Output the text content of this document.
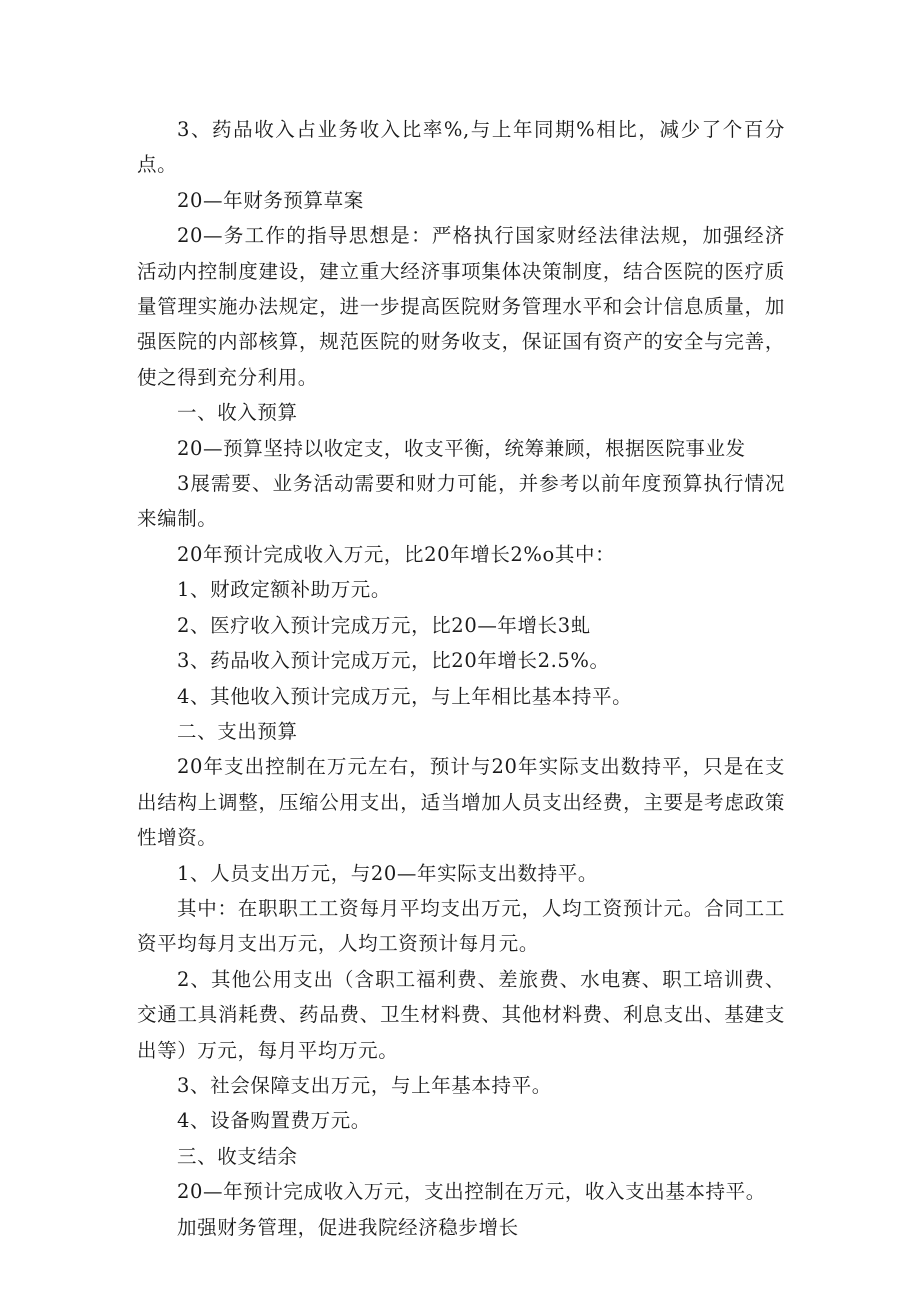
3、药品收入占业务收入比率%,与上年同期%相比，减少了个百分点。

20—年财务预算草案

20—务工作的指导思想是：严格执行国家财经法律法规，加强经济活动内控制度建设，建立重大经济事项集体决策制度，结合医院的医疗质量管理实施办法规定，进一步提高医院财务管理水平和会计信息质量，加强医院的内部核算，规范医院的财务收支，保证国有资产的安全与完善，使之得到充分利用。

一、收入预算

20—预算坚持以收定支，收支平衡，统筹兼顾，根据医院事业发

3展需要、业务活动需要和财力可能，并参考以前年度预算执行情况来编制。

20年预计完成收入万元，比20年增长2%o其中：

1、财政定额补助万元。

2、医疗收入预计完成万元，比20—年增长3虬

3、药品收入预计完成万元，比20年增长2.5%。

4、其他收入预计完成万元，与上年相比基本持平。

二、支出预算

20年支出控制在万元左右，预计与20年实际支出数持平，只是在支出结构上调整，压缩公用支出，适当增加人员支出经费，主要是考虑政策性增资。

1、人员支出万元，与20—年实际支出数持平。

其中：在职职工工资每月平均支出万元，人均工资预计元。合同工工资平均每月支出万元，人均工资预计每月元。

2、其他公用支出（含职工福利费、差旅费、水电赛、职工培训费、交通工具消耗费、药品费、卫生材料费、其他材料费、利息支出、基建支出等）万元，每月平均万元。

3、社会保障支出万元，与上年基本持平。

4、设备购置费万元。

三、收支结余

20—年预计完成收入万元，支出控制在万元，收入支出基本持平。

加强财务管理，促进我院经济稳步增长
